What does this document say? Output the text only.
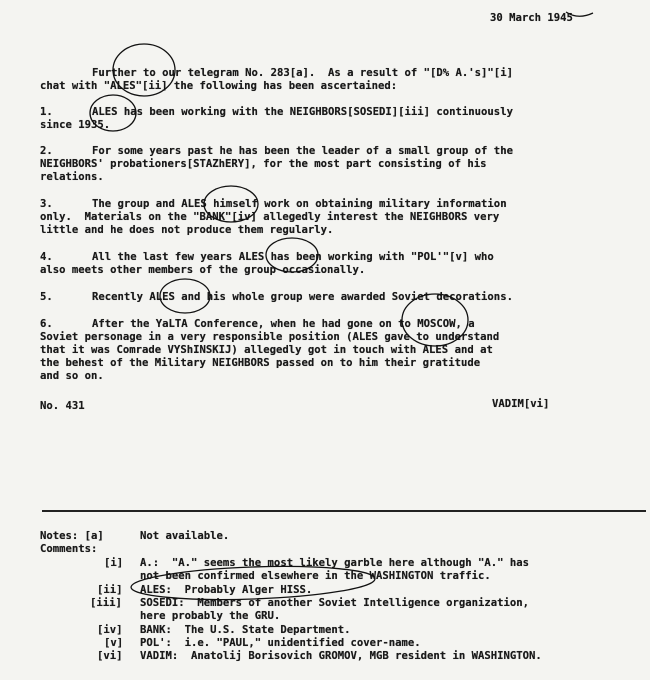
30 March 1945
Further to our telegram No. 283[a].  As a result of "[D% A.'s]"[i]
chat with "ALES"[ii] the following has been ascertained:
1.	ALES has been working with the NEIGHBORS[SOSEDI][iii] continuously
since 1935.
2.	For some years past he has been the leader of a small group of the
NEIGHBORS' probationers[STAZhERY], for the most part consisting of his
relations.
3.	The group and ALES himself work on obtaining military information
only.  Materials on the "BANK"[iv] allegedly interest the NEIGHBORS very
little and he does not produce them regularly.
4.	All the last few years ALES has been working with "POL'"[v] who
also meets other members of the group occasionally.
5.	Recently ALES and his whole group were awarded Soviet decorations.
6.	After the YaLTA Conference, when he had gone on to MOSCOW, a
Soviet personage in a very responsible position (ALES gave to understand
that it was Comrade VYShINSKIJ) allegedly got in touch with ALES and at
the behest of the Military NEIGHBORS passed on to him their gratitude
and so on.
No. 431	VADIM[vi]
Notes: [a]	Not available.
Comments:
[i] A.:  "A." seems the most likely garble here although "A." has
not been confirmed elsewhere in the WASHINGTON traffic.
[ii] ALES:  Probably Alger HISS.
[iii] SOSEDI:  Members of another Soviet Intelligence organization,
here probably the GRU.
[iv] BANK:  The U.S. State Department.
[v] POL':  i.e. "PAUL," unidentified cover-name.
[vi] VADIM:  Anatolij Borisovich GROMOV, MGB resident in WASHINGTON.
